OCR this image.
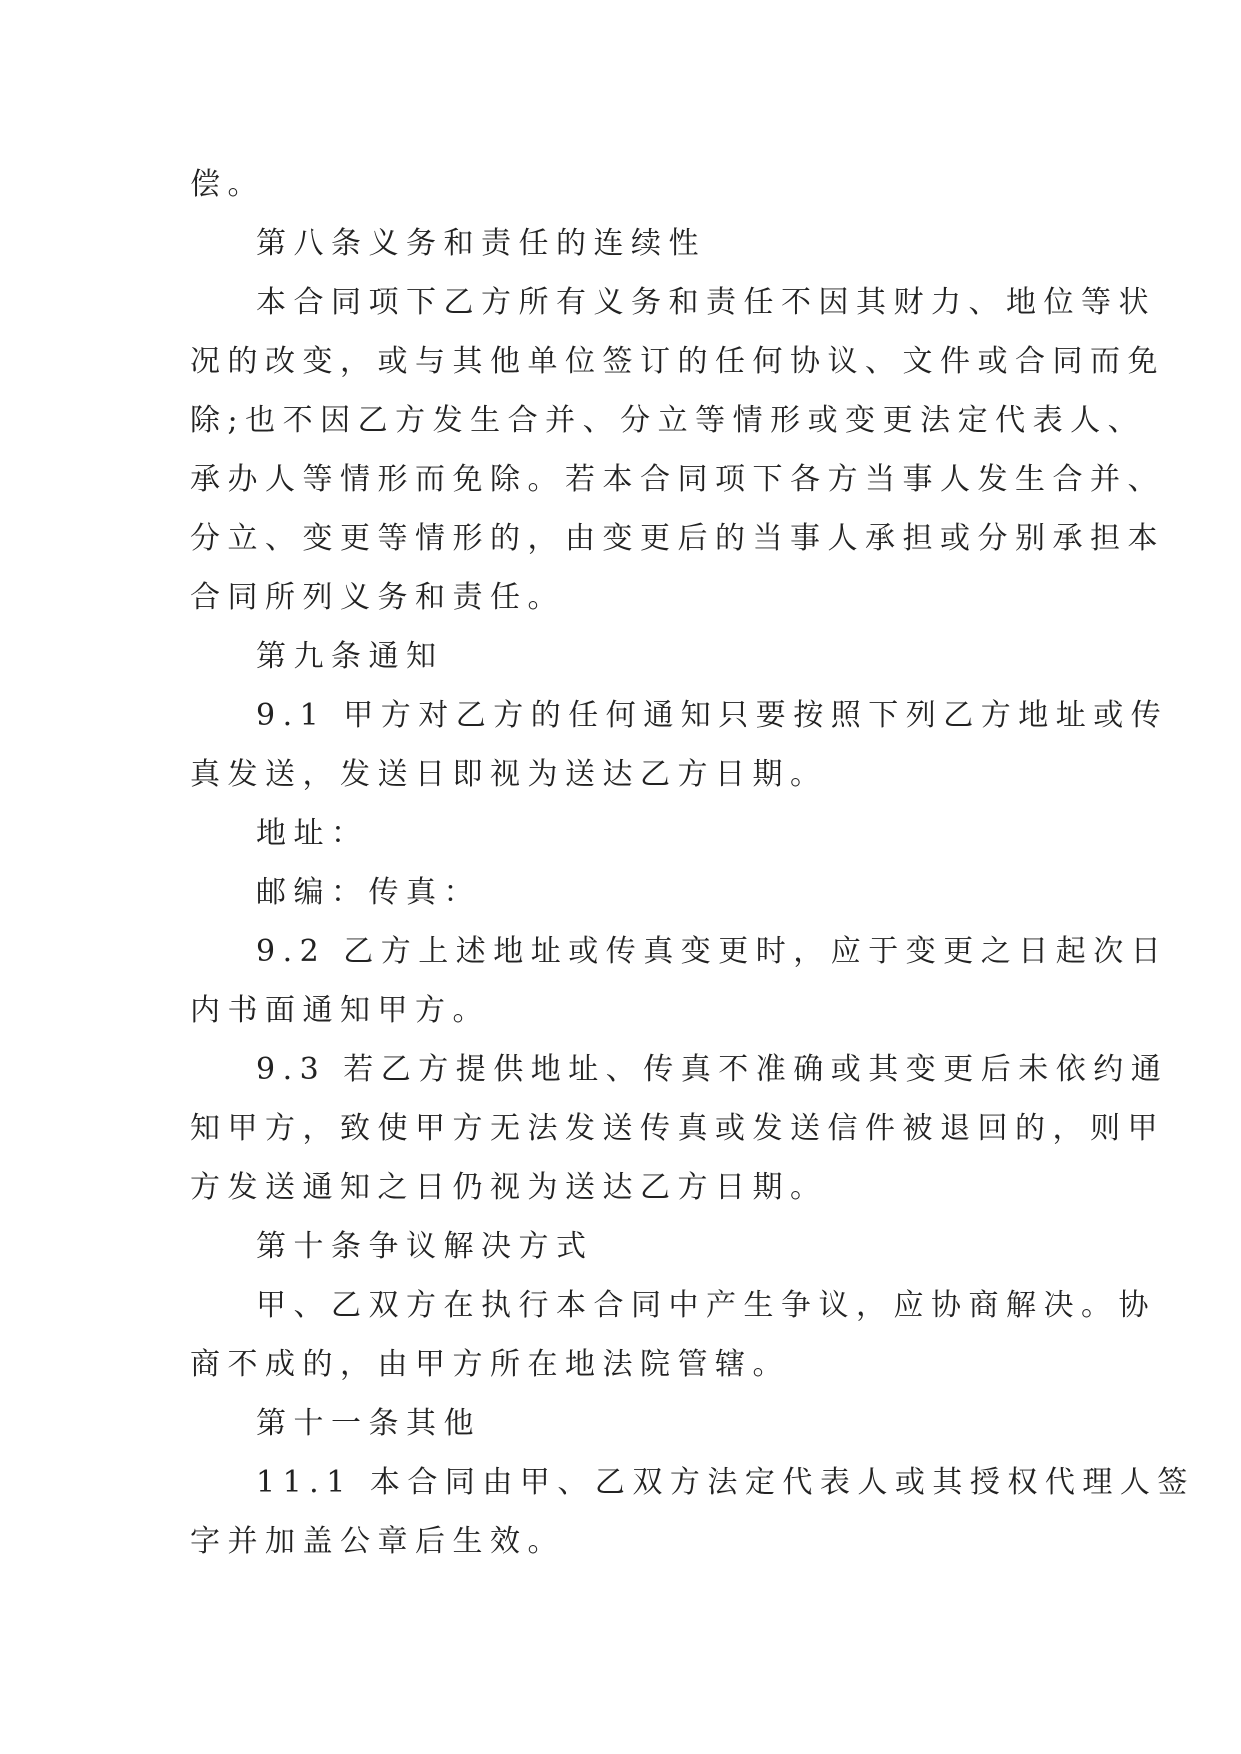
偿。
第八条义务和责任的连续性
本合同项下乙方所有义务和责任不因其财力、地位等状
况的改变，或与其他单位签订的任何协议、文件或合同而免
除;也不因乙方发生合并、分立等情形或变更法定代表人、
承办人等情形而免除。若本合同项下各方当事人发生合并、
分立、变更等情形的，由变更后的当事人承担或分别承担本
合同所列义务和责任。
第九条通知
9.1 甲方对乙方的任何通知只要按照下列乙方地址或传
真发送，发送日即视为送达乙方日期。
地址：
邮编：传真：
9.2 乙方上述地址或传真变更时，应于变更之日起次日
内书面通知甲方。
9.3 若乙方提供地址、传真不准确或其变更后未依约通
知甲方，致使甲方无法发送传真或发送信件被退回的，则甲
方发送通知之日仍视为送达乙方日期。
第十条争议解决方式
甲、乙双方在执行本合同中产生争议，应协商解决。协
商不成的，由甲方所在地法院管辖。
第十一条其他
11.1 本合同由甲、乙双方法定代表人或其授权代理人签
字并加盖公章后生效。
